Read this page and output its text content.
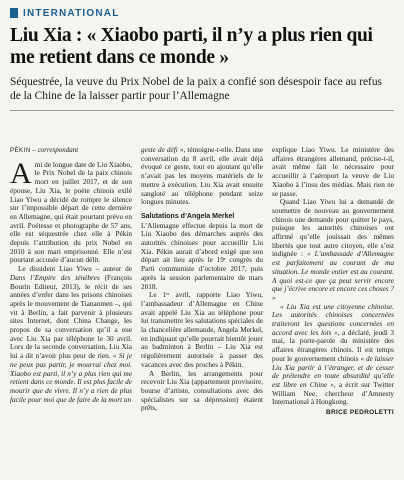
INTERNATIONAL
Liu Xia : « Xiaobo parti, il n’y a plus rien qui me retient dans ce monde »

Séquestrée, la veuve du Prix Nobel de la paix a confié son désespoir face au refus de la Chine de la laisser partir pour l’Allemagne

PÉKIN – correspondant

Ami de longue date de Liu Xiaobo, le Prix Nobel de la paix chinois mort en juillet 2017, et de son épouse, Liu Xia, le poète chinois exilé Liao Yiwu a décidé de rompre le silence sur l’impossible départ de cette dernière en Allemagne, qui était pourtant prévu en avril. Poétesse et photographe de 57 ans, elle est séquestrée chez elle à Pékin depuis l’attribution du prix Nobel en 2010 à son mari emprisonné. Elle n’est pourtant accusée d’aucun délit.

Le dissident Liao Yiwu – auteur de Dans l’Empire des ténèbres (François Bourin Editeur, 2013), le récit de ses années d’enfer dans les prisons chinoises après le mouvement de Tiananmen –, qui vit à Berlin, a fait parvenir à plusieurs sites Internet, dont China Change, les propos de sa conversation qu’il a eue avec Liu Xia par téléphone le 30 avril. Lors de la seconde conversation, Liu Xia lui a dit n’avoir plus peur de rien. « Si je ne peux pas partir, je mourrai chez moi. Xiaobo est parti, il n’y a plus rien qui me retient dans ce monde. Il est plus facile de mourir que de vivre. Il n’y a rien de plus facile pour moi que de faire de la mort un

geste de défi », témoigne-t-elle. Dans une conversation du 8 avril, elle avait déjà évoqué ce geste, tout en ajoutant qu’elle n’avait pas les moyens matériels de le mettre à exécution. Liu Xia avait ensuite sangloté au téléphone pendant seize longues minutes.

Salutations d’Angela Merkel

L’Allemagne effectue depuis la mort de Liu Xiaobo des démarches auprès des autorités chinoises pour accueillir Liu Xia. Pékin aurait d’abord exigé que son départ ait lieu après le 19ᵉ congrès du Parti communiste d’octobre 2017, puis après la session parlementaire de mars 2018.

Le 1ᵉʳ avril, rapporte Liao Yiwu, l’ambassadeur d’Allemagne en Chine avait appelé Liu Xia au téléphone pour lui transmettre les salutations spéciales de la chancelière allemande, Angela Merkel, en indiquant qu’elle pourrait bientôt jouer au badminton à Berlin – Liu Xia est régulièrement autorisée à passer des vacances avec des proches à Pékin.

A Berlin, les arrangements pour recevoir Liu Xia (appartement provisoire, bourse d’artiste, consultations avec des spécialistes sur sa dépression) étaient prêts,

explique Liao Yiwu. Le ministère des affaires étrangères allemand, précise-t-il, avait même fait le nécessaire pour accueillir à l’aéroport la veuve de Liu Xiaobo à l’insu des médias. Mais rien ne se passe.

Quand Liao Yiwu lui a demandé de soumettre de nouveau au gouvernement chinois une demande pour quitter le pays, puisque les autorités chinoises ont affirmé qu’elle jouissait des mêmes libertés que tout autre citoyen, elle s’est indignée : « L’ambassade d’Allemagne est parfaitement au courant de ma situation. Le monde entier est au courant. A quoi est-ce que ça peut servir encore que j’écrive encore et encore ces choses ? »

« Liu Xia est une citoyenne chinoise. Les autorités chinoises concernées traiteront les questions concernées en accord avec les lois », a déclaré, jeudi 3 mai, la porte-parole du ministère des affaires étrangères chinois. Il est temps pour le gouvernement chinois « de laisser Liu Xia partir à l’étranger, et de cesser de prétendre en toute absurdité qu’elle est libre en Chine », a écrit sur Twitter William Nee, chercheur d’Amnesty International à Hongkong.

BRICE PEDROLETTI
